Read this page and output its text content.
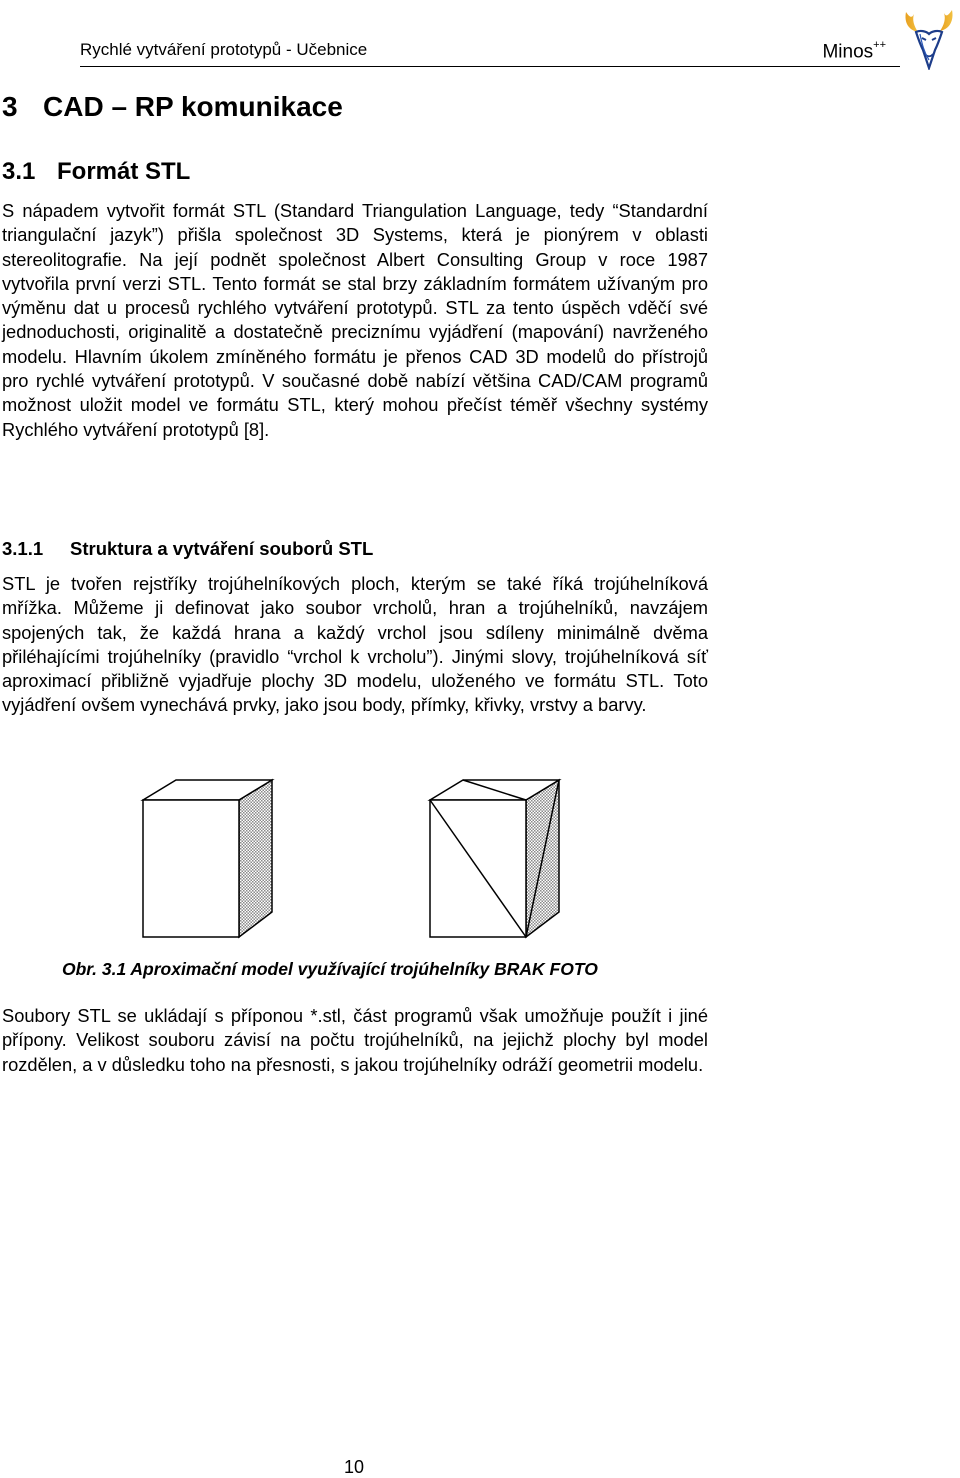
Rychlé vytváření prototypů - Učebnice	Minos++
3 CAD – RP komunikace
3.1 Formát STL

S nápadem vytvořit formát STL (Standard Triangulation Language, tedy “Standardní triangulační jazyk”) přišla společnost 3D Systems, která je pionýrem v oblasti stereolitografie. Na její podnět společnost Albert Consulting Group v roce 1987 vytvořila první verzi STL. Tento formát se stal brzy základním formátem užívaným pro výměnu dat u procesů rychlého vytváření prototypů. STL za tento úspěch vděčí své jednoduchosti, originalitě a dostatečně preciznímu vyjádření (mapování) navrženého modelu. Hlavním úkolem zmíněného formátu je přenos CAD 3D modelů do přístrojů pro rychlé vytváření prototypů. V současné době nabízí většina CAD/CAM programů možnost uložit model ve formátu STL, který mohou přečíst téměř všechny systémy Rychlého vytváření prototypů [8].

3.1.1 Struktura a vytváření souborů STL

STL je tvořen rejstříky trojúhelníkových ploch, kterým se také říká trojúhelníková mřížka. Můžeme ji definovat jako soubor vrcholů, hran a trojúhelníků, navzájem spojených tak, že každá hrana a každý vrchol jsou sdíleny minimálně dvěma přiléhajícími trojúhelníky (pravidlo “vrchol k vrcholu”). Jinými slovy, trojúhelníková síť aproximací přibližně vyjadřuje plochy 3D modelu, uloženého ve formátu STL. Toto vyjádření ovšem vynechává prvky, jako jsou body, přímky, křivky, vrstvy a barvy.

Obr. 3.1 Aproximační model využívající trojúhelníky BRAK FOTO

Soubory STL se ukládají s příponou *.stl, část programů však umožňuje použít i jiné přípony. Velikost souboru závisí na počtu trojúhelníků, na jejichž plochy byl model rozdělen, a v důsledku toho na přesnosti, s jakou trojúhelníky odráží geometrii modelu.

10
